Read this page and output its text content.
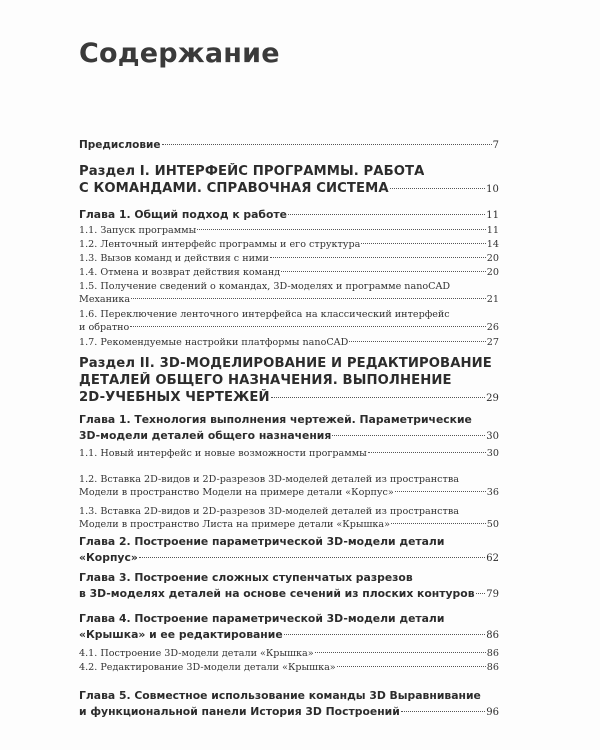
Содержание
Предисловие	7
Раздел I. ИНТЕРФЕЙС ПРОГРАММЫ. РАБОТА
С КОМАНДАМИ. СПРАВОЧНАЯ СИСТЕМА	10
Глава 1. Общий подход к работе	11
1.1. Запуск программы	11
1.2. Ленточный интерфейс программы и его структура	14
1.3. Вызов команд и действия с ними	20
1.4. Отмена и возврат действия команд	20
1.5. Получение сведений о командах, 3D-моделях и программе nanoCAD
Механика	21
1.6. Переключение ленточного интерфейса на классический интерфейс
и обратно	26
1.7. Рекомендуемые настройки платформы nanoCAD	27
Раздел II. 3D-МОДЕЛИРОВАНИЕ И РЕДАКТИРОВАНИЕ
ДЕТАЛЕЙ ОБЩЕГО НАЗНАЧЕНИЯ. ВЫПОЛНЕНИЕ
2D-УЧЕБНЫХ ЧЕРТЕЖЕЙ	29
Глава 1. Технология выполнения чертежей. Параметрические
3D-модели деталей общего назначения	30
1.1. Новый интерфейс и новые возможности программы	30
1.2. Вставка 2D-видов и 2D-разрезов 3D-моделей деталей из пространства
Модели в пространство Модели на примере детали «Корпус»	36
1.3. Вставка 2D-видов и 2D-разрезов 3D-моделей деталей из пространства
Модели в пространство Листа на примере детали «Крышка»	50
Глава 2. Построение параметрической 3D-модели детали
«Корпус»	62
Глава 3. Построение сложных ступенчатых разрезов
в 3D-моделях деталей на основе сечений из плоских контуров 79
Глава 4. Построение параметрической 3D-модели детали
«Крышка» и ее редактирование	86
4.1. Построение 3D-модели детали «Крышка»	86
4.2. Редактирование 3D-модели детали «Крышка»	86
Глава 5. Совместное использование команды 3D Выравнивание
и функциональной панели История 3D Построений	96
